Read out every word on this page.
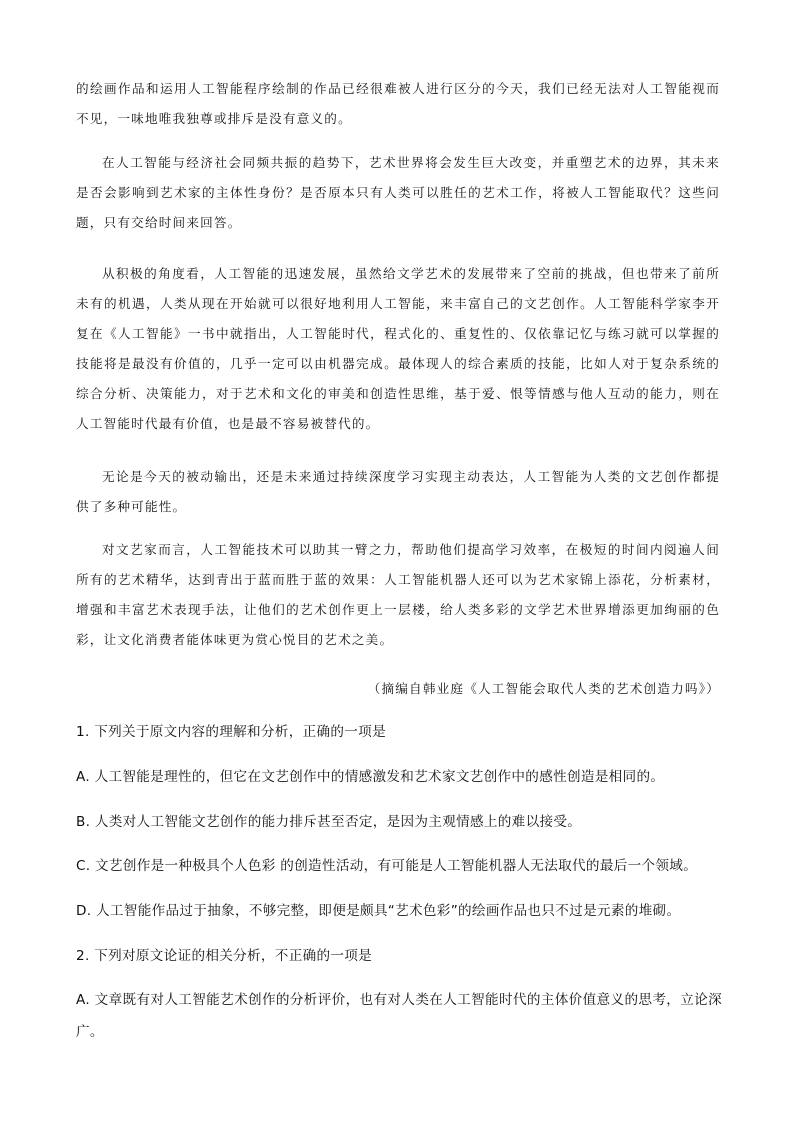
的绘画作品和运用人工智能程序绘制的作品已经很难被人进行区分的今天，我们已经无法对人工智能视而不见，一味地唯我独尊或排斥是没有意义的。

在人工智能与经济社会同频共振的趋势下，艺术世界将会发生巨大改变，并重塑艺术的边界，其未来是否会影响到艺术家的主体性身份？是否原本只有人类可以胜任的艺术工作，将被人工智能取代？这些问题，只有交给时间来回答。

从积极的角度看，人工智能的迅速发展，虽然给文学艺术的发展带来了空前的挑战，但也带来了前所未有的机遇，人类从现在开始就可以很好地利用人工智能，来丰富自己的文艺创作。人工智能科学家李开复在《人工智能》一书中就指出，人工智能时代，程式化的、重复性的、仅依靠记忆与练习就可以掌握的技能将是最没有价值的，几乎一定可以由机器完成。最体现人的综合素质的技能，比如人对于复杂系统的综合分析、决策能力，对于艺术和文化的审美和创造性思维，基于爱、恨等情感与他人互动的能力，则在人工智能时代最有价值，也是最不容易被替代的。

无论是今天的被动输出，还是未来通过持续深度学习实现主动表达，人工智能为人类的文艺创作都提供了多种可能性。

对文艺家而言，人工智能技术可以助其一臂之力，帮助他们提高学习效率，在极短的时间内阅遍人间所有的艺术精华，达到青出于蓝而胜于蓝的效果：人工智能机器人还可以为艺术家锦上添花，分析素材，增强和丰富艺术表现手法，让他们的艺术创作更上一层楼，给人类多彩的文学艺术世界增添更加绚丽的色彩，让文化消费者能体味更为赏心悦目的艺术之美。

（摘编自韩业庭《人工智能会取代人类的艺术创造力吗》）

1. 下列关于原文内容的理解和分析，正确的一项是

A. 人工智能是理性的，但它在文艺创作中的情感激发和艺术家文艺创作中的感性创造是相同的。

B. 人类对人工智能文艺创作的能力排斥甚至否定，是因为主观情感上的难以接受。

C. 文艺创作是一种极具个人色彩 的创造性活动，有可能是人工智能机器人无法取代的最后一个领域。

D. 人工智能作品过于抽象，不够完整，即便是颇具“艺术色彩”的绘画作品也只不过是元素的堆砌。

2. 下列对原文论证的相关分析，不正确的一项是

A. 文章既有对人工智能艺术创作的分析评价，也有对人类在人工智能时代的主体价值意义的思考，立论深广。
